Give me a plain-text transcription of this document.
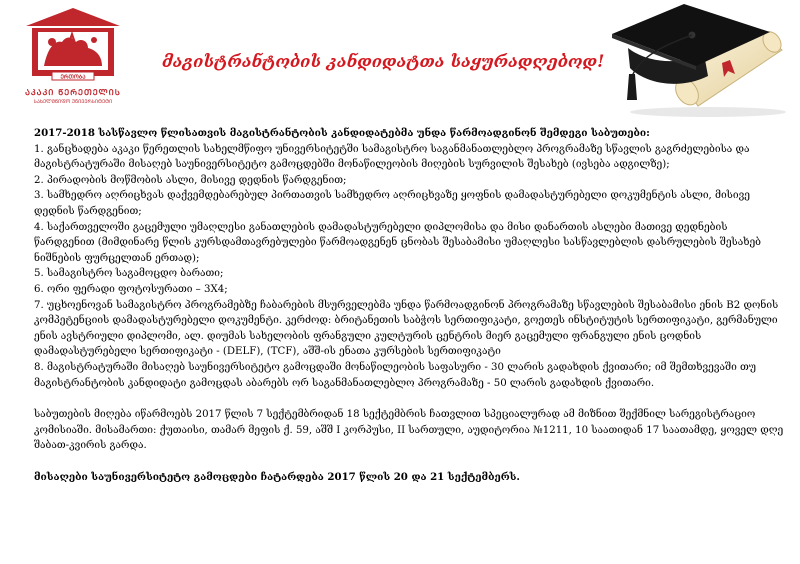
ᲔᲠᲗᲝᲑᲐ
ᲐᲙᲐᲙᲘ ᲬᲔᲠᲔᲗᲔᲚᲘᲡ
ᲡᲐᲮᲔᲚᲛᲬᲘᲤᲝ ᲣᲜᲘᲕᲔᲠᲡᲘᲢᲔᲢᲘ
მაგისტრანტობის კანდიდატთა საყურადღებოდ!

2017-2018 სასწავლო წლისათვის მაგისტრანტობის კანდიდატებმა უნდა წარმოადგინონ შემდეგი საბუთები:

1. განცხადება აკაკი წერეთლის სახელმწიფო უნივერსიტეტში სამაგისტრო საგანმანათლებლო პროგრამაზე სწავლის გაგრძელებისა და მაგისტრატურაში მისაღებ საუნივერსიტეტო გამოცდებში მონაწილეობის მიღების სურვილის შესახებ (ივსება ადგილზე);

2. პირადობის მოწმობის ასლი, მისივე დედნის წარდგენით;

3. სამხედრო აღრიცხვას დაქვემდებარებულ პირთათვის სამხედრო აღრიცხვაზე ყოფნის დამადასტურებელი დოკუმენტის ასლი, მისივე დედნის წარდგენით;

4. საქართველოში გაცემული უმაღლესი განათლების დამადასტურებელი დიპლომისა და მისი დანართის ასლები მათივე დედნების წარდგენით (მიმდინარე წლის კურსდამთავრებულები წარმოადგენენ ცნობას შესაბამისი უმაღლესი სასწავლებლის დასრულების შესახებ ნიშნების ფურცელთან ერთად);

5. სამაგისტრო საგამოცდო ბარათი;

6. ორი ფერადი ფოტოსურათი – 3X4;

7. უცხოენოვან სამაგისტრო პროგრამებზე ჩაბარების მსურველებმა უნდა წარმოადგინონ პროგრამაზე სწავლების შესაბამისი ენის B2 დონის კომპეტენციის დამადასტურებელი დოკუმენტი. კერძოდ: ბრიტანეთის საბჭოს სერთიფიკატი, გოეთეს ინსტიტუტის სერთიფიკატი, გერმანული ენის ავსტრიული დიპლომი, ალ. დიუმას სახელობის ფრანგული კულტურის ცენტრის მიერ გაცემული ფრანგული ენის ცოდნის დამადასტურებელი სერთიფიკატი - (DELF), (TCF), აშშ-ის ენათა კურსების სერთიფიკატი

8. მაგისტრატურაში მისაღებ საუნივერსიტეტო გამოცდაში მონაწილეობის საფასური - 30 ლარის გადახდის ქვითარი; იმ შემთხვევაში თუ მაგისტრანტობის კანდიდატი გამოცდას აბარებს ორ საგანმანათლებლო პროგრამაზე - 50 ლარის გადახდის ქვითარი.

საბუთების მიღება იწარმოებს 2017 წლის 7 სექტემბრიდან 18 სექტემბრის ჩათვლით სპეციალურად ამ მიზნით შექმნილ სარეგისტრაციო კომისიაში. მისამართი: ქუთაისი, თამარ მეფის ქ. 59, აშშ I კორპუსი, II სართული, აუდიტორია №1211, 10 საათიდან 17 საათამდე, ყოველ დღე შაბათ-კვირის გარდა.

მისაღები საუნივერსიტეტო გამოცდები ჩატარდება 2017 წლის 20 და 21 სექტემბერს.
